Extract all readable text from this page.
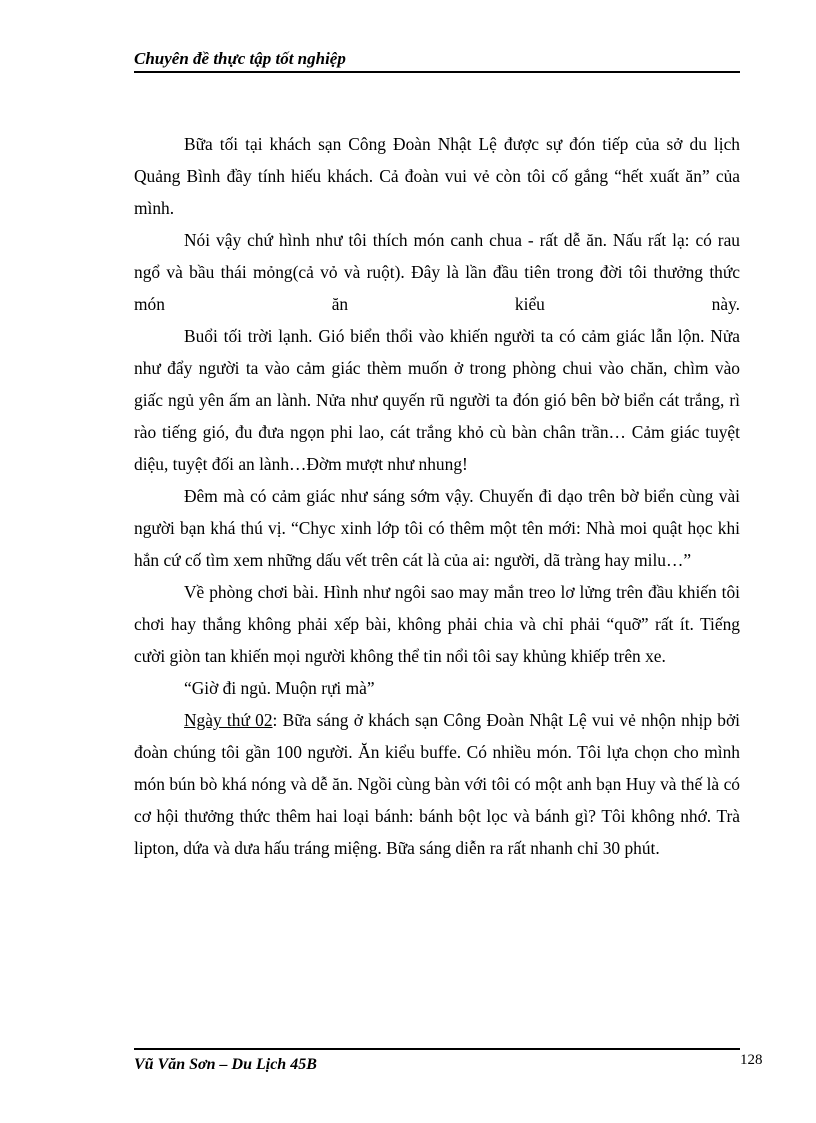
Chuyên đề thực tập tốt nghiệp

Bữa tối tại khách sạn Công Đoàn Nhật Lệ được sự đón tiếp của sở du lịch Quảng Bình đầy tính hiếu khách. Cả đoàn vui vẻ còn tôi cố gắng “hết xuất ăn” của mình.

Nói vậy chứ hình như tôi thích món canh chua - rất dễ ăn. Nấu rất lạ: có rau ngổ và bầu thái mỏng(cả vỏ và ruột). Đây là lần đầu tiên trong đời tôi thưởng thức món ăn kiểu này.

Buổi tối trời lạnh. Gió biển thổi vào khiến người ta có cảm giác lẫn lộn. Nửa như đẩy người ta vào cảm giác thèm muốn ở trong phòng chui vào chăn, chìm vào giấc ngủ yên ấm an lành. Nửa như quyến rũ người ta đón gió bên bờ biển cát trắng, rì rào tiếng gió, đu đưa ngọn phi lao, cát trắng khỏ cù bàn chân trần… Cảm giác tuyệt diệu, tuyệt đối an lành…Đờm mượt như nhung!

Đêm mà có cảm giác như sáng sớm vậy. Chuyến đi dạo trên bờ biển cùng vài người bạn khá thú vị. “Chyc xinh lớp tôi có thêm một tên mới: Nhà moi quật học khi hắn cứ cố tìm xem những dấu vết trên cát là của ai: người, dã tràng hay milu…”

Về phòng chơi bài. Hình như ngôi sao may mắn treo lơ lửng trên đầu khiến tôi chơi hay thắng không phải xếp bài, không phải chia và chỉ phải “quỡ” rất ít. Tiếng cười giòn tan khiến mọi người không thể tin nổi tôi say khủng khiếp trên xe.

“Giờ đi ngủ. Muộn rựi mà”

Ngày thứ 02: Bữa sáng ở khách sạn Công Đoàn Nhật Lệ vui vẻ nhộn nhịp bởi đoàn chúng tôi gần 100 người. Ăn kiểu buffe. Có nhiều món. Tôi lựa chọn cho mình món bún bò khá nóng và dễ ăn. Ngồi cùng bàn với tôi có một anh bạn Huy và thế là có cơ hội thưởng thức thêm hai loại bánh: bánh bột lọc và bánh gì? Tôi không nhớ. Trà lipton, dứa và dưa hấu tráng miệng. Bữa sáng diễn ra rất nhanh chỉ 30 phút.

Vũ Văn Sơn – Du Lịch 45B	128
